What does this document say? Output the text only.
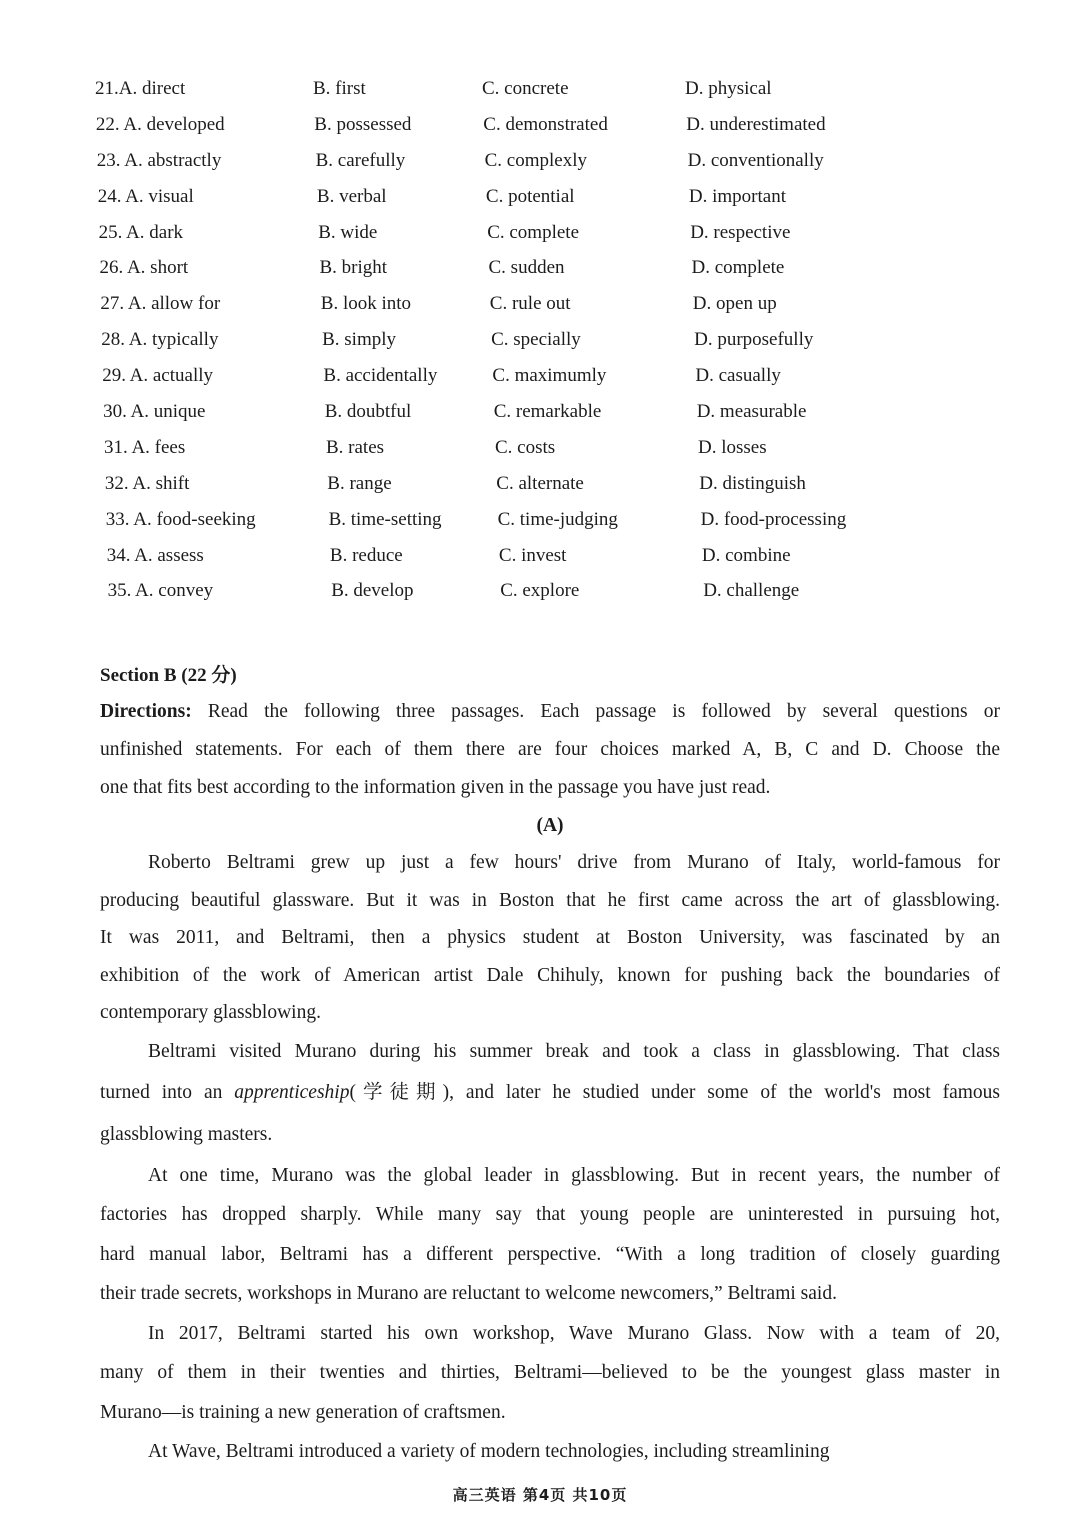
21.A. direct	B. first	C. concrete	D. physical
22. A. developed	B. possessed	C. demonstrated	D. underestimated
23. A. abstractly	B. carefully	C. complexly	D. conventionally
24. A. visual	B. verbal	C. potential	D. important
25. A. dark	B. wide	C. complete	D. respective
26. A. short	B. bright	C. sudden	D. complete
27. A. allow for	B. look into	C. rule out	D. open up
28. A. typically	B. simply	C. specially	D. purposefully
29. A. actually	B. accidentally	C. maximumly	D. casually
30. A. unique	B. doubtful	C. remarkable	D. measurable
31. A. fees	B. rates	C. costs	D. losses
32. A. shift	B. range	C. alternate	D. distinguish
33. A. food-seeking	B. time-setting	C. time-judging	D. food-processing
34. A. assess	B. reduce	C. invest	D. combine
35. A. convey	B. develop	C. explore	D. challenge
Section B (22 分)
Directions: Read the following three passages. Each passage is followed by several questions or
unfinished statements. For each of them there are four choices marked A, B, C and D. Choose the
one that fits best according to the information given in the passage you have just read.
(A)
Roberto Beltrami grew up just a few hours' drive from Murano of Italy, world-famous for
producing beautiful glassware. But it was in Boston that he first came across the art of glassblowing.
It was 2011, and Beltrami, then a physics student at Boston University, was fascinated by an
exhibition of the work of American artist Dale Chihuly, known for pushing back the boundaries of
contemporary glassblowing.
Beltrami visited Murano during his summer break and took a class in glassblowing. That class
turned into an apprenticeship(学徒期), and later he studied under some of the world's most famous
glassblowing masters.
At one time, Murano was the global leader in glassblowing. But in recent years, the number of
factories has dropped sharply. While many say that young people are uninterested in pursuing hot,
hard manual labor, Beltrami has a different perspective. “With a long tradition of closely guarding
their trade secrets, workshops in Murano are reluctant to welcome newcomers,” Beltrami said.
In 2017, Beltrami started his own workshop, Wave Murano Glass. Now with a team of 20,
many of them in their twenties and thirties, Beltrami—believed to be the youngest glass master in
Murano—is training a new generation of craftsmen.
At Wave, Beltrami introduced a variety of modern technologies, including streamlining
高三英语 第4页 共10页
